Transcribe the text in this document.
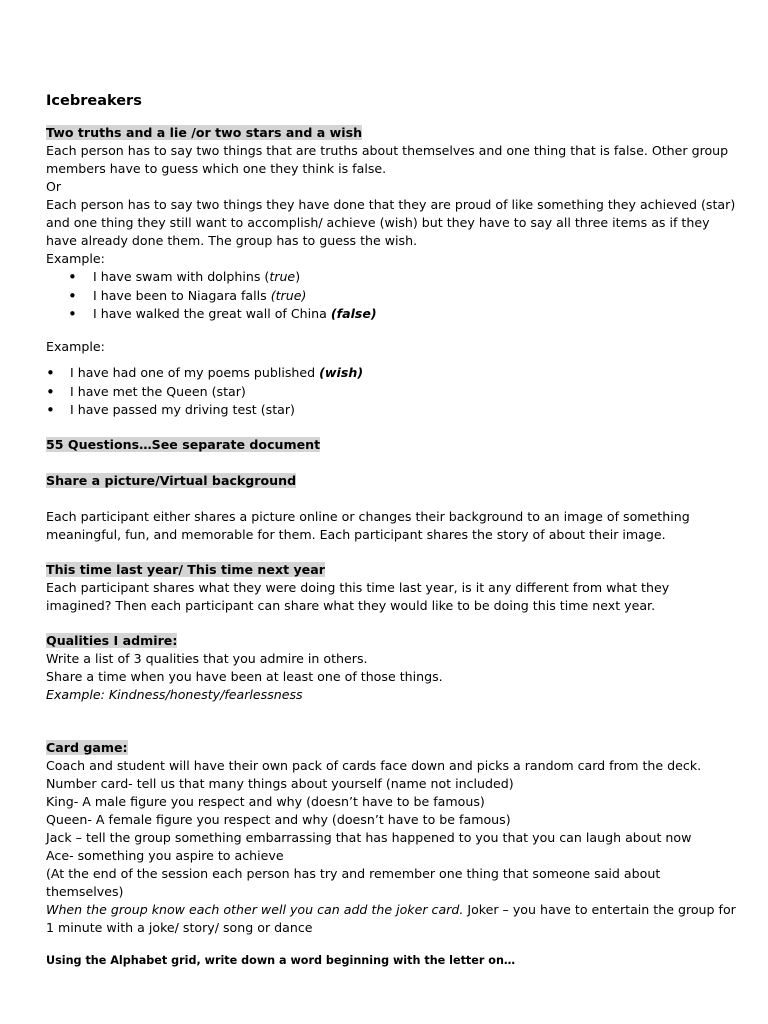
Icebreakers
Two truths and a lie /or two stars and a wish
Each person has to say two things that are truths about themselves and one thing that is false. Other group members have to guess which one they think is false.
Or
Each person has to say two things they have done that they are proud of like something they achieved (star) and one thing they still want to accomplish/ achieve (wish) but they have to say all three items as if they have already done them. The group has to guess the wish.
Example:
• I have swam with dolphins (true)
• I have been to Niagara falls (true)
• I have walked the great wall of China (false)
Example:
• I have had one of my poems published (wish)
• I have met the Queen (star)
• I have passed my driving test (star)
55 Questions…See separate document
Share a picture/Virtual background
Each participant either shares a picture online or changes their background to an image of something meaningful, fun, and memorable for them. Each participant shares the story of about their image.
This time last year/ This time next year
Each participant shares what they were doing this time last year, is it any different from what they imagined? Then each participant can share what they would like to be doing this time next year.
Qualities I admire:
Write a list of 3 qualities that you admire in others.
Share a time when you have been at least one of those things.
Example: Kindness/honesty/fearlessness
Card game:
Coach and student will have their own pack of cards face down and picks a random card from the deck.
Number card- tell us that many things about yourself (name not included)
King- A male figure you respect and why (doesn’t have to be famous)
Queen- A female figure you respect and why (doesn’t have to be famous)
Jack – tell the group something embarrassing that has happened to you that you can laugh about now
Ace- something you aspire to achieve
(At the end of the session each person has try and remember one thing that someone said about themselves)
When the group know each other well you can add the joker card. Joker – you have to entertain the group for 1 minute with a joke/ story/ song or dance
Using the Alphabet grid, write down a word beginning with the letter on…
